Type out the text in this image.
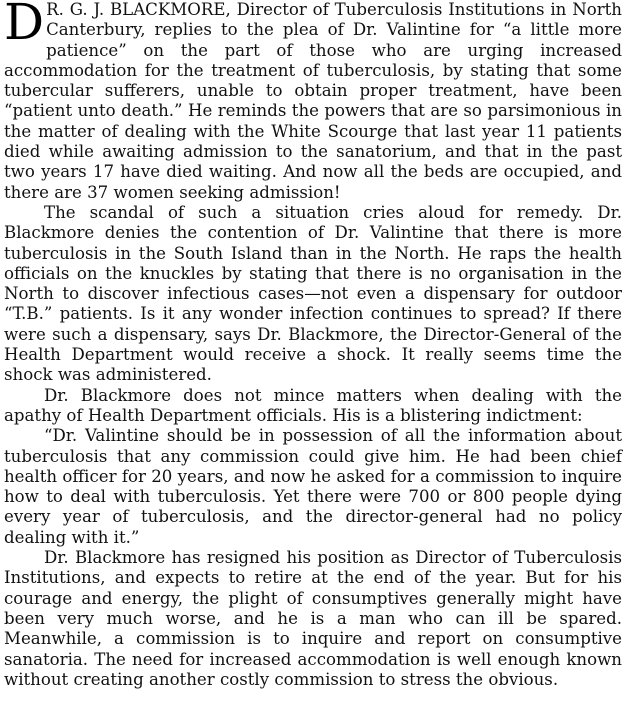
D R. G. J. BLACKMORE, Director of Tuberculosis Institutions in North Canterbury, replies to the plea of Dr. Valintine for “a little more patience” on the part of those who are urging increased accommodation for the treatment of tuberculosis, by stating that some tubercular sufferers, unable to obtain proper treatment, have been “patient unto death.” He reminds the powers that are so parsimonious in the matter of dealing with the White Scourge that last year 11 patients died while awaiting admission to the sanatorium, and that in the past two years 17 have died waiting. And now all the beds are occupied, and there are 37 women seeking admission!

The scandal of such a situation cries aloud for remedy. Dr. Blackmore denies the contention of Dr. Valintine that there is more tuberculosis in the South Island than in the North. He raps the health officials on the knuckles by stating that there is no organisation in the North to discover infectious cases—not even a dispensary for outdoor “T.B.” patients. Is it any wonder infection continues to spread? If there were such a dispensary, says Dr. Blackmore, the Director-General of the Health Department would receive a shock. It really seems time the shock was administered.

Dr. Blackmore does not mince matters when dealing with the apathy of Health Department officials. His is a blistering indictment:

“Dr. Valintine should be in possession of all the information about tuberculosis that any commission could give him. He had been chief health officer for 20 years, and now he asked for a commission to inquire how to deal with tuberculosis. Yet there were 700 or 800 people dying every year of tuberculosis, and the director-general had no policy dealing with it.”

Dr. Blackmore has resigned his position as Director of Tuberculosis Institutions, and expects to retire at the end of the year. But for his courage and energy, the plight of consumptives generally might have been very much worse, and he is a man who can ill be spared. Meanwhile, a commission is to inquire and report on consumptive sanatoria. The need for increased accommodation is well enough known without creating another costly commission to stress the obvious.
